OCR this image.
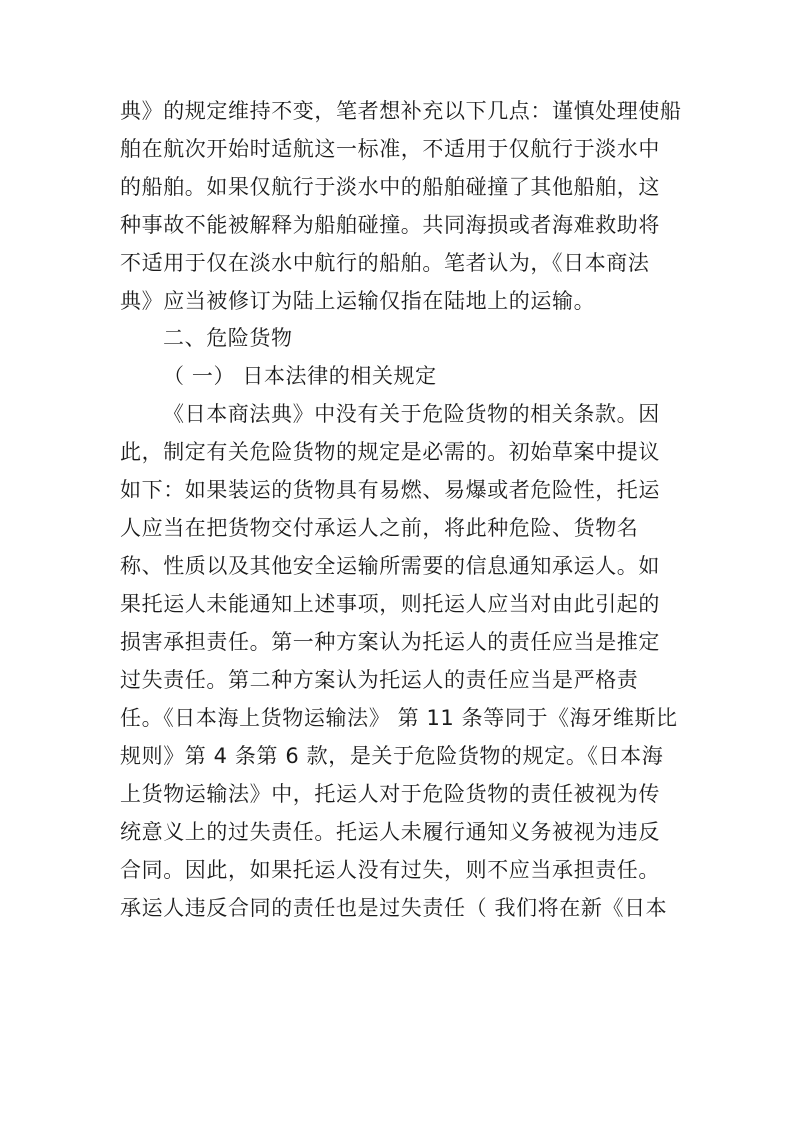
典》的规定维持不变，笔者想补充以下几点：谨慎处理使船
舶在航次开始时适航这一标准，不适用于仅航行于淡水中
的船舶。如果仅航行于淡水中的船舶碰撞了其他船舶，这
种事故不能被解释为船舶碰撞。共同海损或者海难救助将
不适用于仅在淡水中航行的船舶。笔者认为，《日本商法
典》应当被修订为陆上运输仅指在陆地上的运输。
二、危险货物
（ 一） 日本法律的相关规定
《日本商法典》中没有关于危险货物的相关条款。因
此，制定有关危险货物的规定是必需的。初始草案中提议
如下：如果装运的货物具有易燃、易爆或者危险性，托运
人应当在把货物交付承运人之前，将此种危险、货物名
称、性质以及其他安全运输所需要的信息通知承运人。如
果托运人未能通知上述事项，则托运人应当对由此引起的
损害承担责任。第一种方案认为托运人的责任应当是推定
过失责任。第二种方案认为托运人的责任应当是严格责
任。《日本海上货物运输法》 第 11 条等同于《海牙维斯比
规则》第 4 条第 6 款，是关于危险货物的规定。《日本海
上货物运输法》中，托运人对于危险货物的责任被视为传
统意义上的过失责任。托运人未履行通知义务被视为违反
合同。因此，如果托运人没有过失，则不应当承担责任。
承运人违反合同的责任也是过失责任（ 我们将在新《日本
